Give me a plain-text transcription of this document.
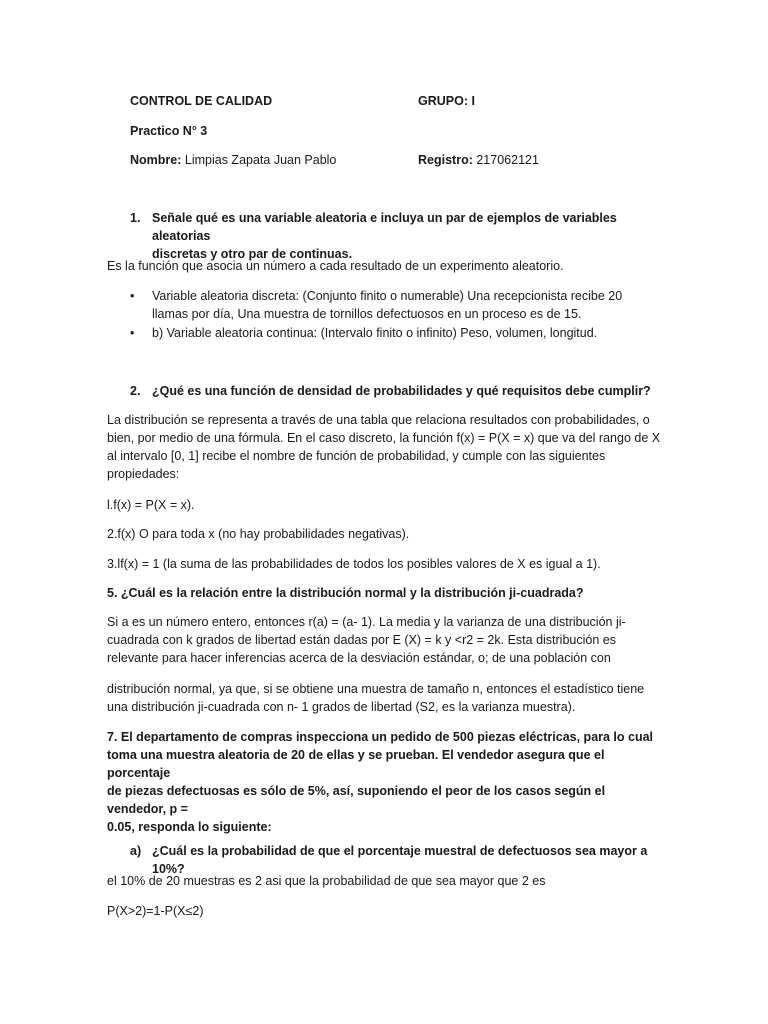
CONTROL DE CALIDAD	GRUPO: I
Practico N° 3
Nombre: Limpias Zapata Juan Pablo	Registro: 217062121
1. Señale qué es una variable aleatoria e incluya un par de ejemplos de variables aleatorias
discretas y otro par de continuas.
Es la función que asocia un número a cada resultado de un experimento aleatorio.
• Variable aleatoria discreta: (Conjunto finito o numerable) Una recepcionista recibe 20
llamas por día, Una muestra de tornillos defectuosos en un proceso es de 15.
• b) Variable aleatoria continua: (Intervalo finito o infinito) Peso, volumen, longitud.
2. ¿Qué es una función de densidad de probabilidades y qué requisitos debe cumplir?

La distribución se representa a través de una tabla que relaciona resultados con probabilidades, o

bien, por medio de una fórmula. En el caso discreto, la función f(x) = P(X = x) que va del rango de X

al intervalo [0, 1] recibe el nombre de función de probabilidad, y cumple con las siguientes

propiedades:

l.f(x) = P(X = x).
2.f(x) O para toda x (no hay probabilidades negativas).
3.lf(x) = 1 (la suma de las probabilidades de todos los posibles valores de X es igual a 1).
5. ¿Cuál es la relación entre la distribución normal y la distribución ji-cuadrada?

Si a es un número entero, entonces r(a) = (a- 1). La media y la varianza de una distribución ji-

cuadrada con k grados de libertad están dadas por E (X) = k y <r2 = 2k. Esta distribución es

relevante para hacer inferencias acerca de la desviación estándar, o; de una población con

distribución normal, ya que, si se obtiene una muestra de tamaño n, entonces el estadístico tiene

una distribución ji-cuadrada con n- 1 grados de libertad (S2, es la varianza muestra).

7. El departamento de compras inspecciona un pedido de 500 piezas eléctricas, para lo cual

toma una muestra aleatoria de 20 de ellas y se prueban. El vendedor asegura que el porcentaje

de piezas defectuosas es sólo de 5%, así, suponiendo el peor de los casos según el vendedor, p =

0.05, responda lo siguiente:

a) ¿Cuál es la probabilidad de que el porcentaje muestral de defectuosos sea mayor a 10%?
el 10% de 20 muestras es 2 asi que la probabilidad de que sea mayor que 2 es
P(X>2)=1-P(X≤2)
